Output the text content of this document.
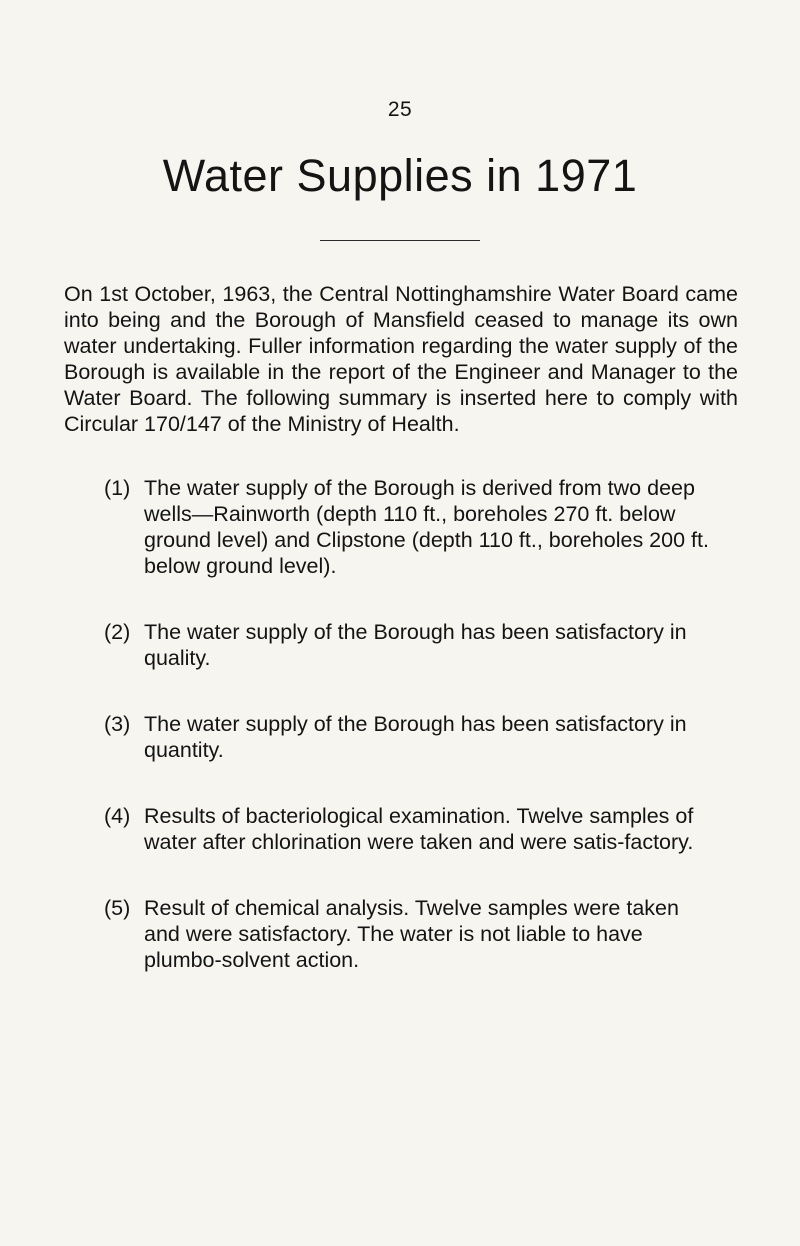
25
Water Supplies in 1971

On 1st October, 1963, the Central Nottinghamshire Water Board came into being and the Borough of Mansfield ceased to manage its own water undertaking. Fuller information regarding the water supply of the Borough is available in the report of the Engineer and Manager to the Water Board. The following summary is inserted here to comply with Circular 170/147 of the Ministry of Health.

(1) The water supply of the Borough is derived from two deep wells—Rainworth (depth 110 ft., boreholes 270 ft. below ground level) and Clipstone (depth 110 ft., boreholes 200 ft. below ground level).
(2) The water supply of the Borough has been satisfactory in quality.
(3) The water supply of the Borough has been satisfactory in quantity.
(4) Results of bacteriological examination. Twelve samples of water after chlorination were taken and were satis-factory.
(5) Result of chemical analysis. Twelve samples were taken and were satisfactory. The water is not liable to have plumbo-solvent action.
